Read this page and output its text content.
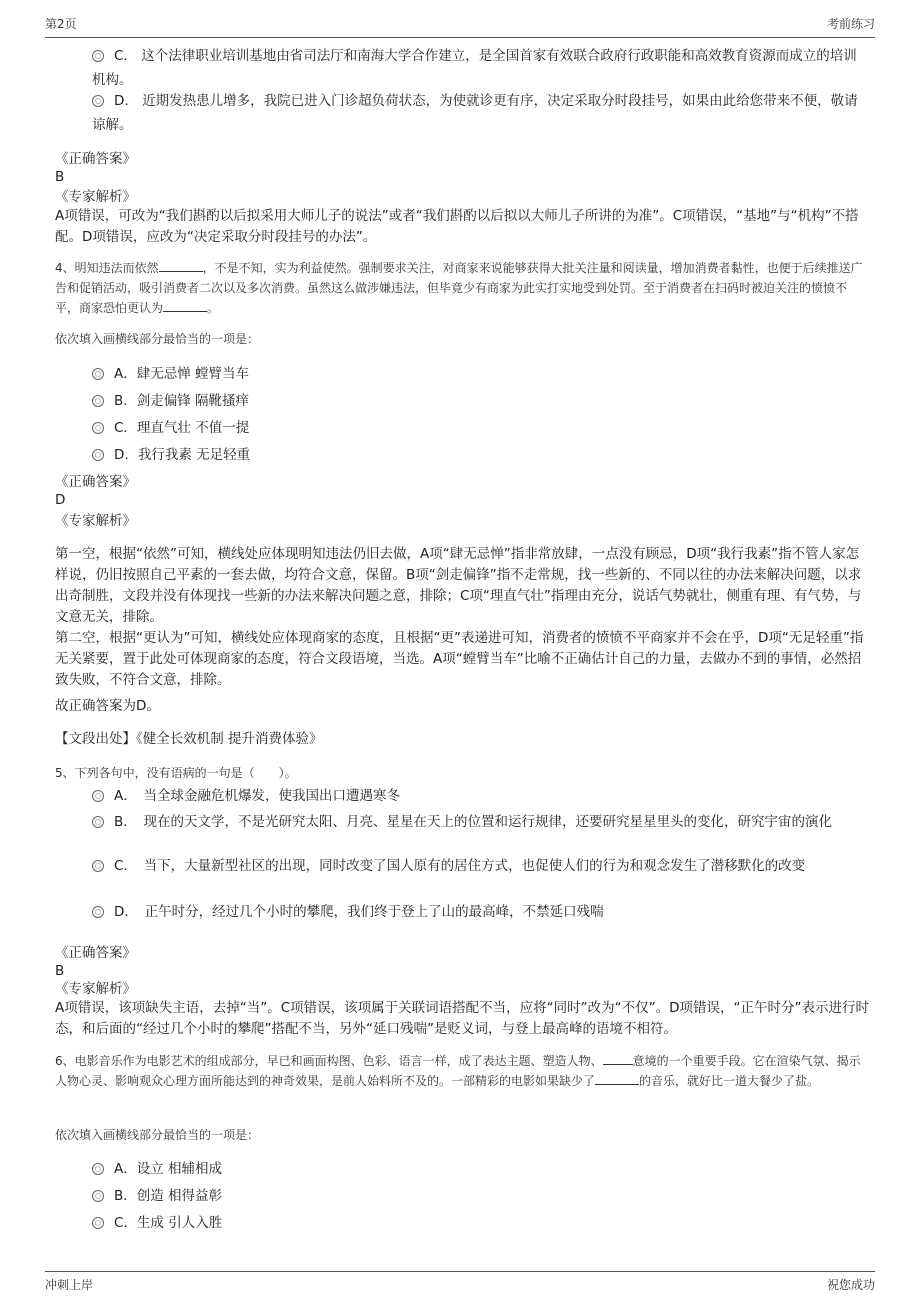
第2页	考前练习
C.　这个法律职业培训基地由省司法厅和南海大学合作建立，是全国首家有效联合政府行政职能和高效教育资源而成立的培训机构。
D.　近期发热患儿增多，我院已进入门诊超负荷状态，为使就诊更有序，决定采取分时段挂号，如果由此给您带来不便，敬请谅解。
《正确答案》
B
《专家解析》
A项错误，可改为“我们斟酌以后拟采用大师儿子的说法”或者“我们斟酌以后拟以大师儿子所讲的为准”。C项错误，“基地”与“机构”不搭配。D项错误，应改为“决定采取分时段挂号的办法”。
4、明知违法而依然	，不是不知，实为利益使然。强制要求关注，对商家来说能够获得大批关注量和阅读量，增加消费者黏性，也便于后续推送广告和促销活动，吸引消费者二次以及多次消费。虽然这么做涉嫌违法，但毕竟少有商家为此实打实地受到处罚。至于消费者在扫码时被迫关注的愤愤不平，商家恐怕更认为	。
依次填入画横线部分最恰当的一项是：
A．肆无忌惮 螳臂当车
B．剑走偏锋 隔靴搔痒
C．理直气壮 不值一提
D．我行我素 无足轻重
《正确答案》
D
《专家解析》
第一空，根据“依然”可知，横线处应体现明知违法仍旧去做，A项“肆无忌惮”指非常放肆，一点没有顾忌，D项“我行我素”指不管人家怎样说，仍旧按照自己平素的一套去做，均符合文意，保留。B项“剑走偏锋”指不走常规，找一些新的、不同以往的办法来解决问题，以求出奇制胜，文段并没有体现找一些新的办法来解决问题之意，排除；C项“理直气壮”指理由充分，说话气势就壮，侧重有理、有气势，与文意无关，排除。
第二空，根据“更认为”可知，横线处应体现商家的态度，且根据“更”表递进可知，消费者的愤愤不平商家并不会在乎，D项“无足轻重”指无关紧要，置于此处可体现商家的态度，符合文段语境，当选。A项“螳臂当车”比喻不正确估计自己的力量，去做办不到的事情，必然招致失败，不符合文意，排除。
故正确答案为D。
【文段出处】《健全长效机制 提升消费体验》
5、下列各句中，没有语病的一句是（　　）。
A．　当全球金融危机爆发，使我国出口遭遇寒冬
B．　现在的天文学，不是光研究太阳、月亮、星星在天上的位置和运行规律，还要研究星星里头的变化，研究宇宙的演化
C．　当下，大量新型社区的出现，同时改变了国人原有的居住方式，也促使人们的行为和观念发生了潜移默化的改变
D．　正午时分，经过几个小时的攀爬，我们终于登上了山的最高峰，不禁延口残喘
《正确答案》
B
《专家解析》
A项错误，该项缺失主语，去掉“当”。C项错误，该项属于关联词语搭配不当，应将“同时”改为“不仅”。D项错误，“正午时分”表示进行时态，和后面的“经过几个小时的攀爬”搭配不当，另外“延口残喘”是贬义词，与登上最高峰的语境不相符。
6、电影音乐作为电影艺术的组成部分，早已和画面构图、色彩、语言一样，成了表达主题、塑造人物、	意境的一个重要手段。它在渲染气氛、揭示人物心灵、影响观众心理方面所能达到的神奇效果，是前人始料所不及的。一部精彩的电影如果缺少了	的音乐，就好比一道大餐少了盐。
依次填入画横线部分最恰当的一项是：
A．设立 相辅相成
B．创造 相得益彰
C．生成 引人入胜
冲刺上岸	祝您成功
